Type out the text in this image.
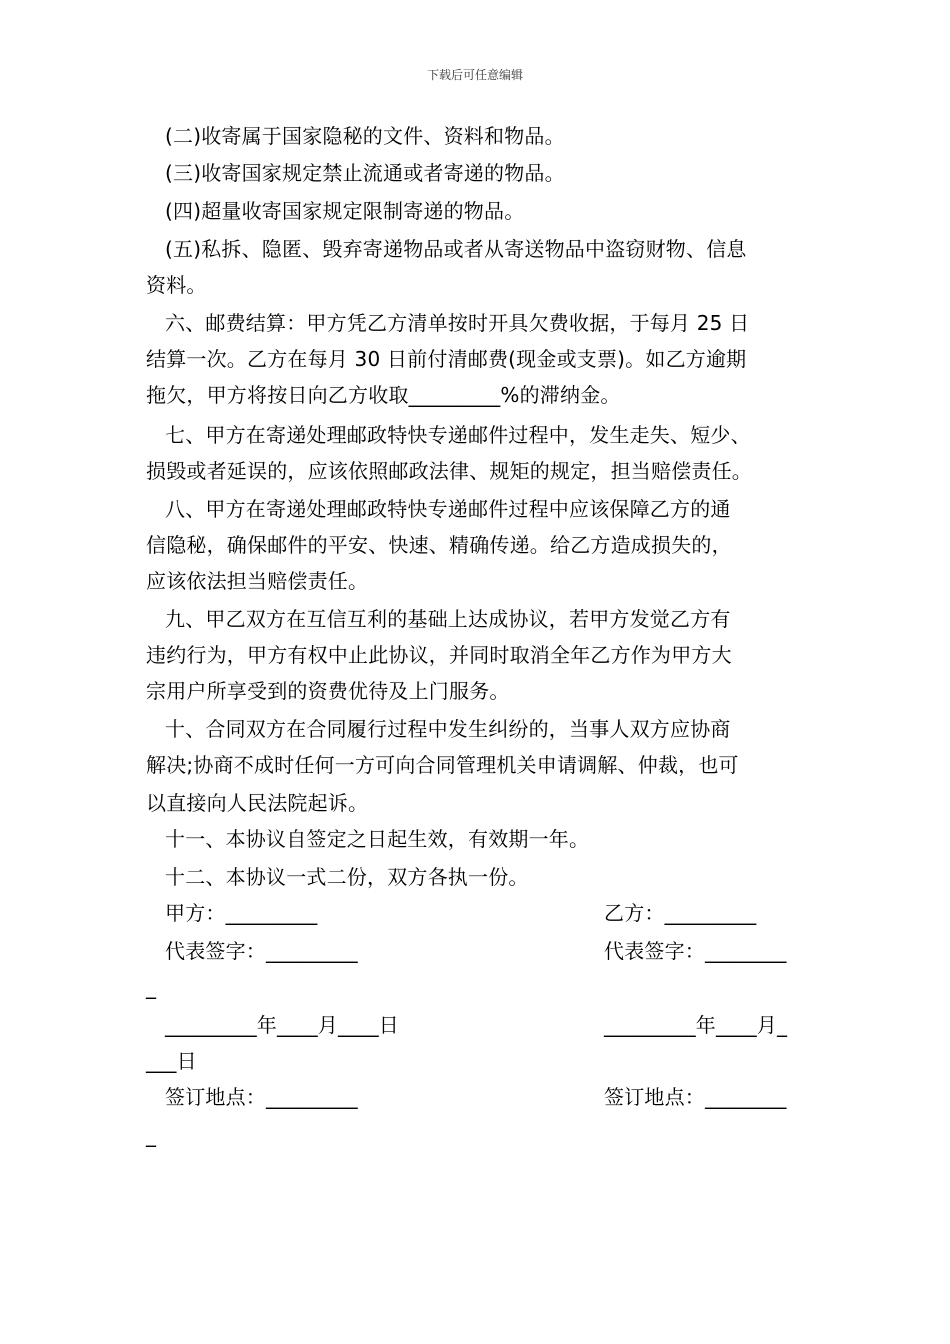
下载后可任意编辑
(二)收寄属于国家隐秘的文件、资料和物品。
(三)收寄国家规定禁止流通或者寄递的物品。
(四)超量收寄国家规定限制寄递的物品。
(五)私拆、隐匿、毁弃寄递物品或者从寄送物品中盗窃财物、信息
资料。
六、邮费结算：甲方凭乙方清单按时开具欠费收据，于每月 25 日
结算一次。乙方在每月 30 日前付清邮费(现金或支票)。如乙方逾期
拖欠，甲方将按日向乙方收取_________%的滞纳金。
七、甲方在寄递处理邮政特快专递邮件过程中，发生走失、短少、
损毁或者延误的，应该依照邮政法律、规矩的规定，担当赔偿责任。
八、甲方在寄递处理邮政特快专递邮件过程中应该保障乙方的通
信隐秘，确保邮件的平安、快速、精确传递。给乙方造成损失的，
应该依法担当赔偿责任。
九、甲乙双方在互信互利的基础上达成协议，若甲方发觉乙方有
违约行为，甲方有权中止此协议，并同时取消全年乙方作为甲方大
宗用户所享受到的资费优待及上门服务。
十、合同双方在合同履行过程中发生纠纷的，当事人双方应协商
解决;协商不成时任何一方可向合同管理机关申请调解、仲裁，也可
以直接向人民法院起诉。
十一、本协议自签定之日起生效，有效期一年。
十二、本协议一式二份，双方各执一份。
甲方：_________	乙方：_________
代表签字：_________	代表签字：________
_
_________年____月____日	_________年____月_
___日
签订地点：_________	签订地点：________
_
